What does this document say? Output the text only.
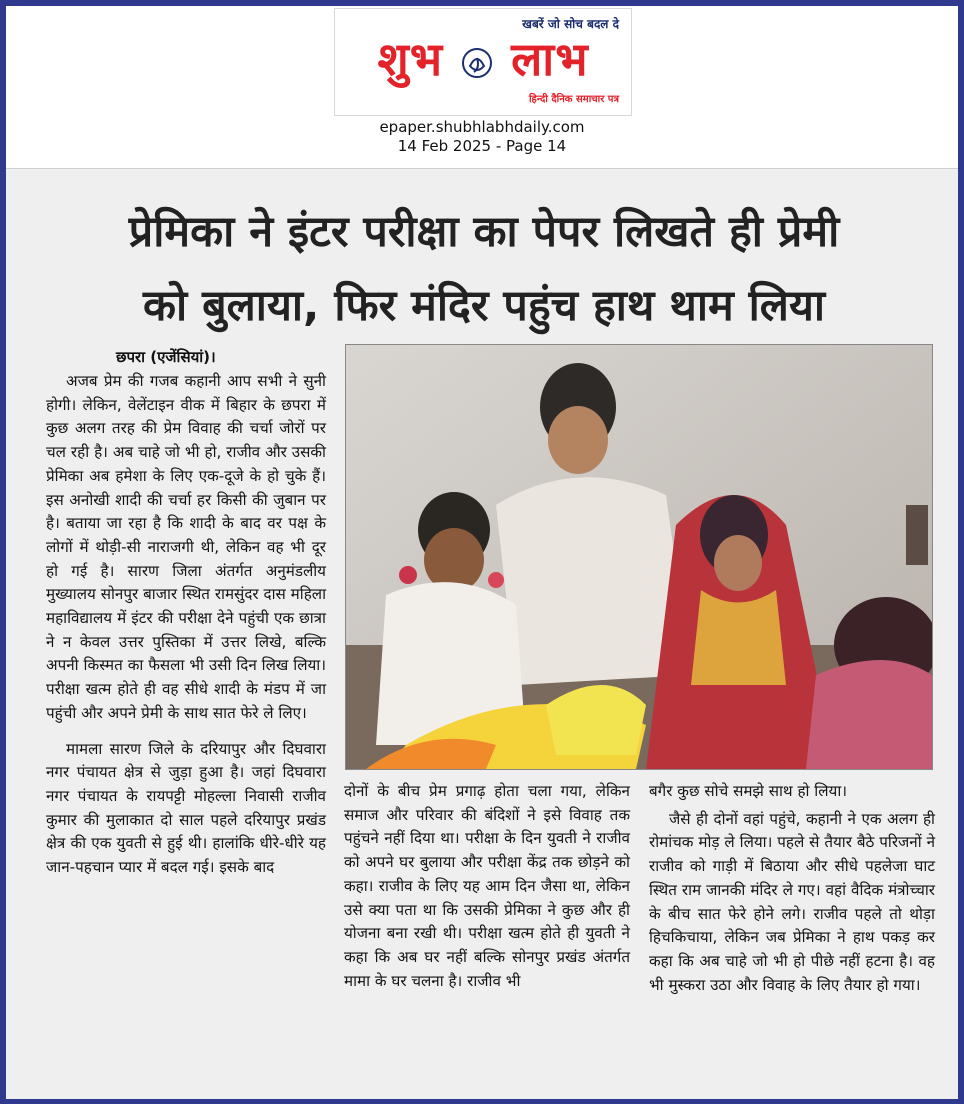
खबरें जो सोच बदल दे
शुभ लाभ
हिन्दी दैनिक समाचार पत्र
epaper.shubhlabhdaily.com
14 Feb 2025 - Page 14
प्रेमिका ने इंटर परीक्षा का पेपर लिखते ही प्रेमी
को बुलाया, फिर मंदिर पहुंच हाथ थाम लिया
छपरा (एजेंसियां)।

अजब प्रेम की गजब कहानी आप सभी ने सुनी होगी। लेकिन, वेलेंटाइन वीक में बिहार के छपरा में कुछ अलग तरह की प्रेम विवाह की चर्चा जोरों पर चल रही है। अब चाहे जो भी हो, राजीव और उसकी प्रेमिका अब हमेशा के लिए एक-दूजे के हो चुके हैं। इस अनोखी शादी की चर्चा हर किसी की जुबान पर है। बताया जा रहा है कि शादी के बाद वर पक्ष के लोगों में थोड़ी-सी नाराजगी थी, लेकिन वह भी दूर हो गई है। सारण जिला अंतर्गत अनुमंडलीय मुख्यालय सोनपुर बाजार स्थित रामसुंदर दास महिला महाविद्यालय में इंटर की परीक्षा देने पहुंची एक छात्रा ने न केवल उत्तर पुस्तिका में उत्तर लिखे, बल्कि अपनी किस्मत का फैसला भी उसी दिन लिख लिया। परीक्षा खत्म होते ही वह सीधे शादी के मंडप में जा पहुंची और अपने प्रेमी के साथ सात फेरे ले लिए।

मामला सारण जिले के दरियापुर और दिघवारा नगर पंचायत क्षेत्र से जुड़ा हुआ है। जहां दिघवारा नगर पंचायत के रायपट्टी मोहल्ला निवासी राजीव कुमार की मुलाकात दो साल पहले दरियापुर प्रखंड क्षेत्र की एक युवती से हुई थी। हालांकि धीरे-धीरे यह जान-पहचान प्यार में बदल गई। इसके बाद

दोनों के बीच प्रेम प्रगाढ़ होता चला गया, लेकिन समाज और परिवार की बंदिशों ने इसे विवाह तक पहुंचने नहीं दिया था। परीक्षा के दिन युवती ने राजीव को अपने घर बुलाया और परीक्षा केंद्र तक छोड़ने को कहा। राजीव के लिए यह आम दिन जैसा था, लेकिन उसे क्या पता था कि उसकी प्रेमिका ने कुछ और ही योजना बना रखी थी। परीक्षा खत्म होते ही युवती ने कहा कि अब घर नहीं बल्कि सोनपुर प्रखंड अंतर्गत मामा के घर चलना है। राजीव भी

बगैर कुछ सोचे समझे साथ हो लिया।

जैसे ही दोनों वहां पहुंचे, कहानी ने एक अलग ही रोमांचक मोड़ ले लिया। पहले से तैयार बैठे परिजनों ने राजीव को गाड़ी में बिठाया और सीधे पहलेजा घाट स्थित राम जानकी मंदिर ले गए। वहां वैदिक मंत्रोच्चार के बीच सात फेरे होने लगे। राजीव पहले तो थोड़ा हिचकिचाया, लेकिन जब प्रेमिका ने हाथ पकड़ कर कहा कि अब चाहे जो भी हो पीछे नहीं हटना है। वह भी मुस्करा उठा और विवाह के लिए तैयार हो गया।
